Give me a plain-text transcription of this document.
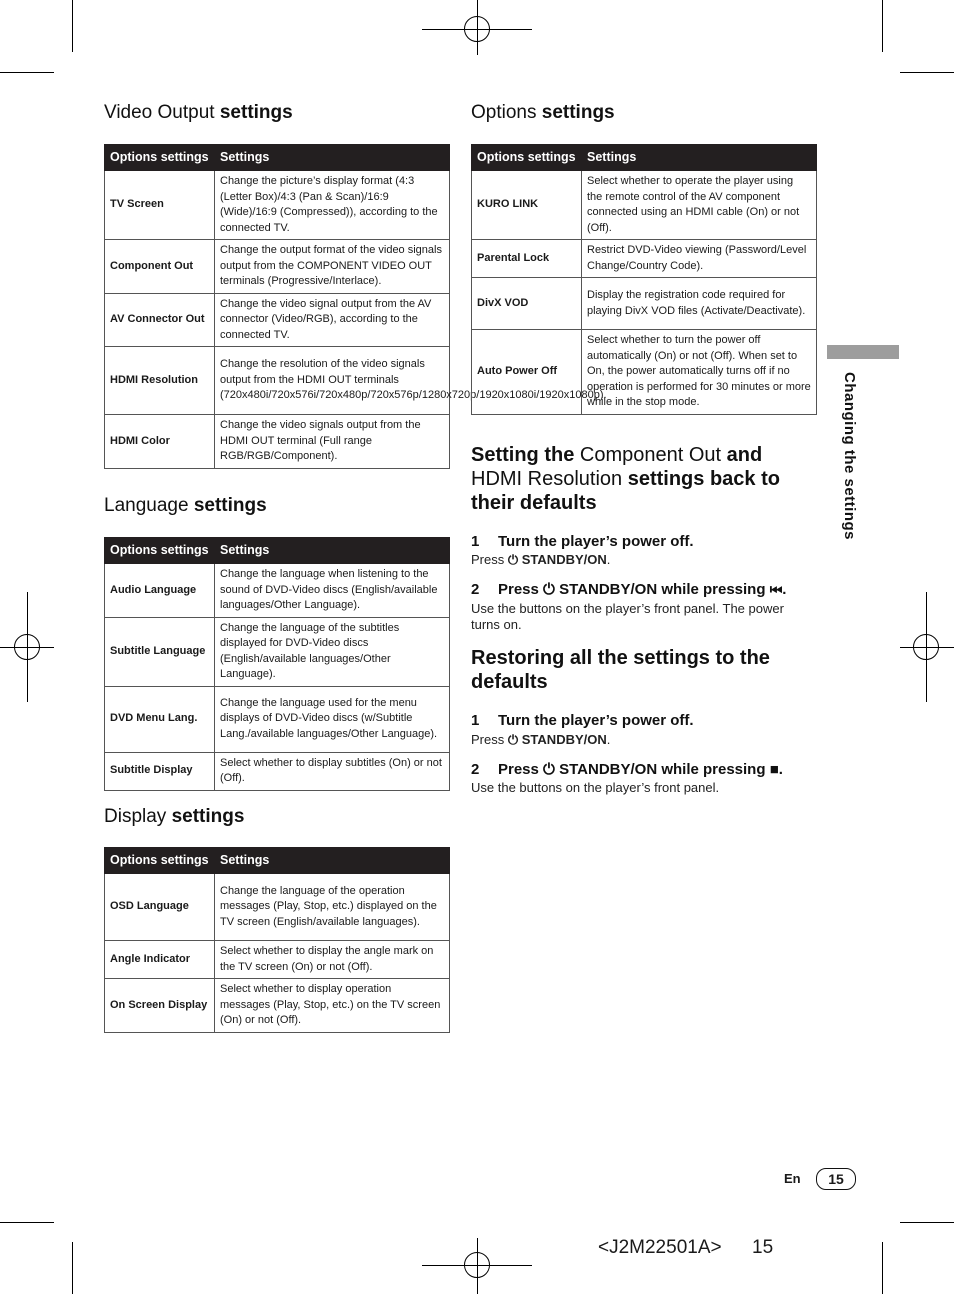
Video Output settings
Options settings	Settings
TV Screen	Change the picture’s display format (4:3 (Letter Box)/4:3 (Pan & Scan)/16:9 (Wide)/16:9 (Compressed)), according to the connected TV.
Component Out	Change the output format of the video signals output from the COMPONENT VIDEO OUT terminals (Progressive/Interlace).
AV Connector Out	Change the video signal output from the AV connector (Video/RGB), according to the connected TV.
HDMI Resolution	Change the resolution of the video signals output from the HDMI OUT terminals (720x480i/720x576i/720x480p/720x576p/1280x720p/1920x1080i/1920x1080p).
HDMI Color	Change the video signals output from the HDMI OUT terminal (Full range RGB/RGB/Component).
Language settings
Options settings	Settings
Audio Language	Change the language when listening to the sound of DVD-Video discs (English/available languages/Other Language).
Subtitle Language	Change the language of the subtitles displayed for DVD-Video discs (English/available languages/Other Language).
DVD Menu Lang.	Change the language used for the menu displays of DVD-Video discs (w/Subtitle Lang./available languages/Other Language).
Subtitle Display	Select whether to display subtitles (On) or not (Off).
Display settings
Options settings	Settings
OSD Language	Change the language of the operation messages (Play, Stop, etc.) displayed on the TV screen (English/available languages).
Angle Indicator	Select whether to display the angle mark on the TV screen (On) or not (Off).
On Screen Display	Select whether to display operation messages (Play, Stop, etc.) on the TV screen (On) or not (Off).
Options settings
Options settings	Settings
KURO LINK	Select whether to operate the player using the remote control of the AV component connected using an HDMI cable (On) or not (Off).
Parental Lock	Restrict DVD-Video viewing (Password/Level Change/Country Code).
DivX VOD	Display the registration code required for playing DivX VOD files (Activate/Deactivate).
Auto Power Off	Select whether to turn the power off automatically (On) or not (Off). When set to On, the power automatically turns off if no operation is performed for 30 minutes or more while in the stop mode.
Setting the Component Out and
HDMI Resolution settings back to their defaults
1 Turn the player’s power off.
Press ⏻ STANDBY/ON.
2 Press ⏻ STANDBY/ON while pressing ⏮.
Use the buttons on the player’s front panel. The power turns on.
Restoring all the settings to the defaults
1 Turn the player’s power off.
Press ⏻ STANDBY/ON.
2 Press ⏻ STANDBY/ON while pressing ■.
Use the buttons on the player’s front panel.
Changing the settings
En	15
<J2M22501A> 15
